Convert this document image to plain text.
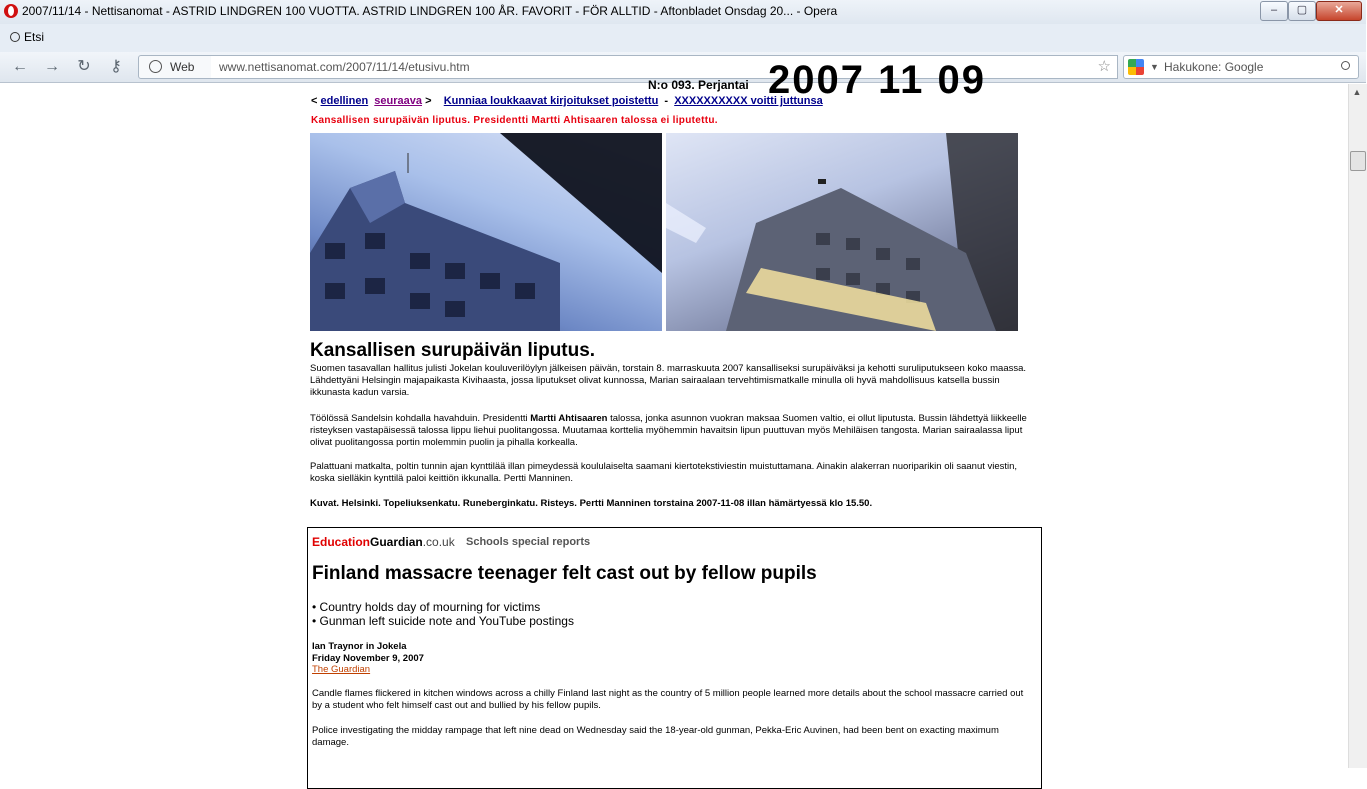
2007/11/14 - Nettisanomat - ASTRID LINDGREN 100 VUOTTA. ASTRID LINDGREN 100 ÅR. FAVORIT - FÖR ALLTID - Aftonbladet Onsdag 20... - Opera	–	▢	✕
Etsi
← → ↻ ⚷	Web	www.nettisanomat.com/2007/11/14/etusivu.htm	☆	▼ Hakukone: Google
N:o 093. Perjantai 2007 11 09
< edellinen seuraava > Kunniaa loukkaavat kirjoitukset poistettu  -  XXXXXXXXXX voitti juttunsa
Kansallisen surupäivän liputus. Presidentti Martti Ahtisaaren talossa ei liputettu.
Kansallisen surupäivän liputus.
Suomen tasavallan hallitus julisti Jokelan kouluverilöylyn jälkeisen päivän, torstain 8. marraskuuta 2007 kansalliseksi surupäiväksi ja kehotti suruliputukseen koko maassa. Lähdettyäni Helsingin majapaikasta Kivihaasta, jossa liputukset olivat kunnossa, Marian sairaalaan tervehtimismatkalle minulla oli hyvä mahdollisuus katsella bussin ikkunasta kadun varsia.
Töölössä Sandelsin kohdalla havahduin. Presidentti Martti Ahtisaaren talossa, jonka asunnon vuokran maksaa Suomen valtio, ei ollut liputusta. Bussin lähdettyä liikkeelle risteyksen vastapäisessä talossa lippu liehui puolitangossa. Muutamaa korttelia myöhemmin havaitsin lipun puuttuvan myös Mehiläisen tangosta. Marian sairaalassa liput olivat puolitangossa portin molemmin puolin ja pihalla korkealla.
Palattuani matkalta, poltin tunnin ajan kynttilää illan pimeydessä koululaiselta saamani kiertotekstiviestin muistuttamana. Ainakin alakerran nuoriparikin oli saanut viestin, koska sielläkin kynttilä paloi keittiön ikkunalla. Pertti Manninen.
Kuvat. Helsinki. Topeliuksenkatu. Runeberginkatu. Risteys. Pertti Manninen torstaina 2007-11-08 illan hämärtyessä klo 15.50.
EducationGuardian.co.uk Schools special reports
Finland massacre teenager felt cast out by fellow pupils
• Country holds day of mourning for victims
• Gunman left suicide note and YouTube postings
Ian Traynor in Jokela
Friday November 9, 2007
The Guardian
Candle flames flickered in kitchen windows across a chilly Finland last night as the country of 5 million people learned more details about the school massacre carried out by a student who felt himself cast out and bullied by his fellow pupils.
Police investigating the midday rampage that left nine dead on Wednesday said the 18-year-old gunman, Pekka-Eric Auvinen, had been bent on exacting maximum damage.
▲
